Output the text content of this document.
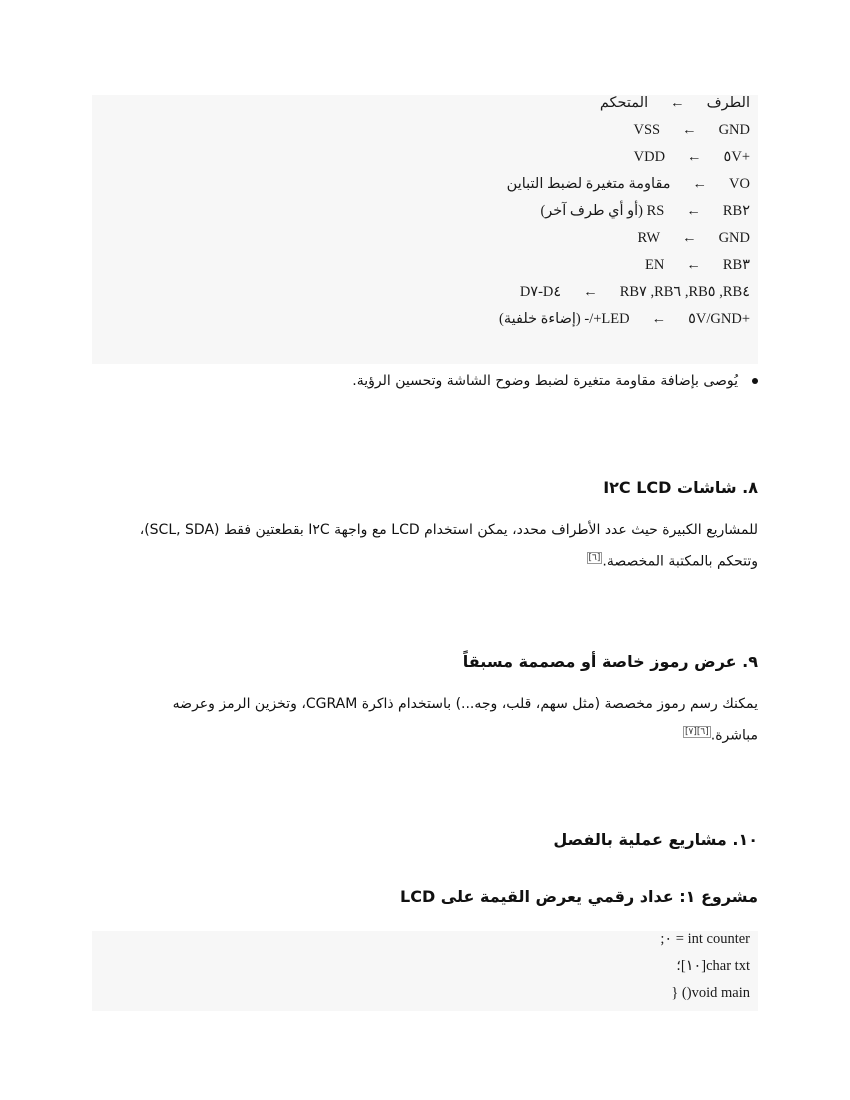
الطرف←المتحكم
GND←VSS
+٥V←VDD
VO←مقاومة متغيرة لضبط التباين
RB٢←RS (أو أي طرف آخر)
GND←RW
RB٣←EN
RB٤, RB٥, RB٦, RB٧←D٤-D٧
+٥V/GND←LED+/- (إضاءة خلفية)
يُوصى بإضافة مقاومة متغيرة لضبط وضوح الشاشة وتحسين الرؤية.
٨. شاشات I٢C LCD
للمشاريع الكبيرة حيث عدد الأطراف محدد، يمكن استخدام LCD مع واجهة I٢C بقطعتين فقط (SCL, SDA)،
وتتحكم بالمكتبة المخصصة.[٦]
٩. عرض رموز خاصة أو مصممة مسبقاً
يمكنك رسم رموز مخصصة (مثل سهم، قلب، وجه...) باستخدام ذاكرة CGRAM، وتخزين الرمز وعرضه
مباشرة.[٦][٧]
١٠. مشاريع عملية بالفصل
مشروع ١: عداد رقمي يعرض القيمة على LCD
int counter = ٠;
char txt[١٠]؛
void main() {
